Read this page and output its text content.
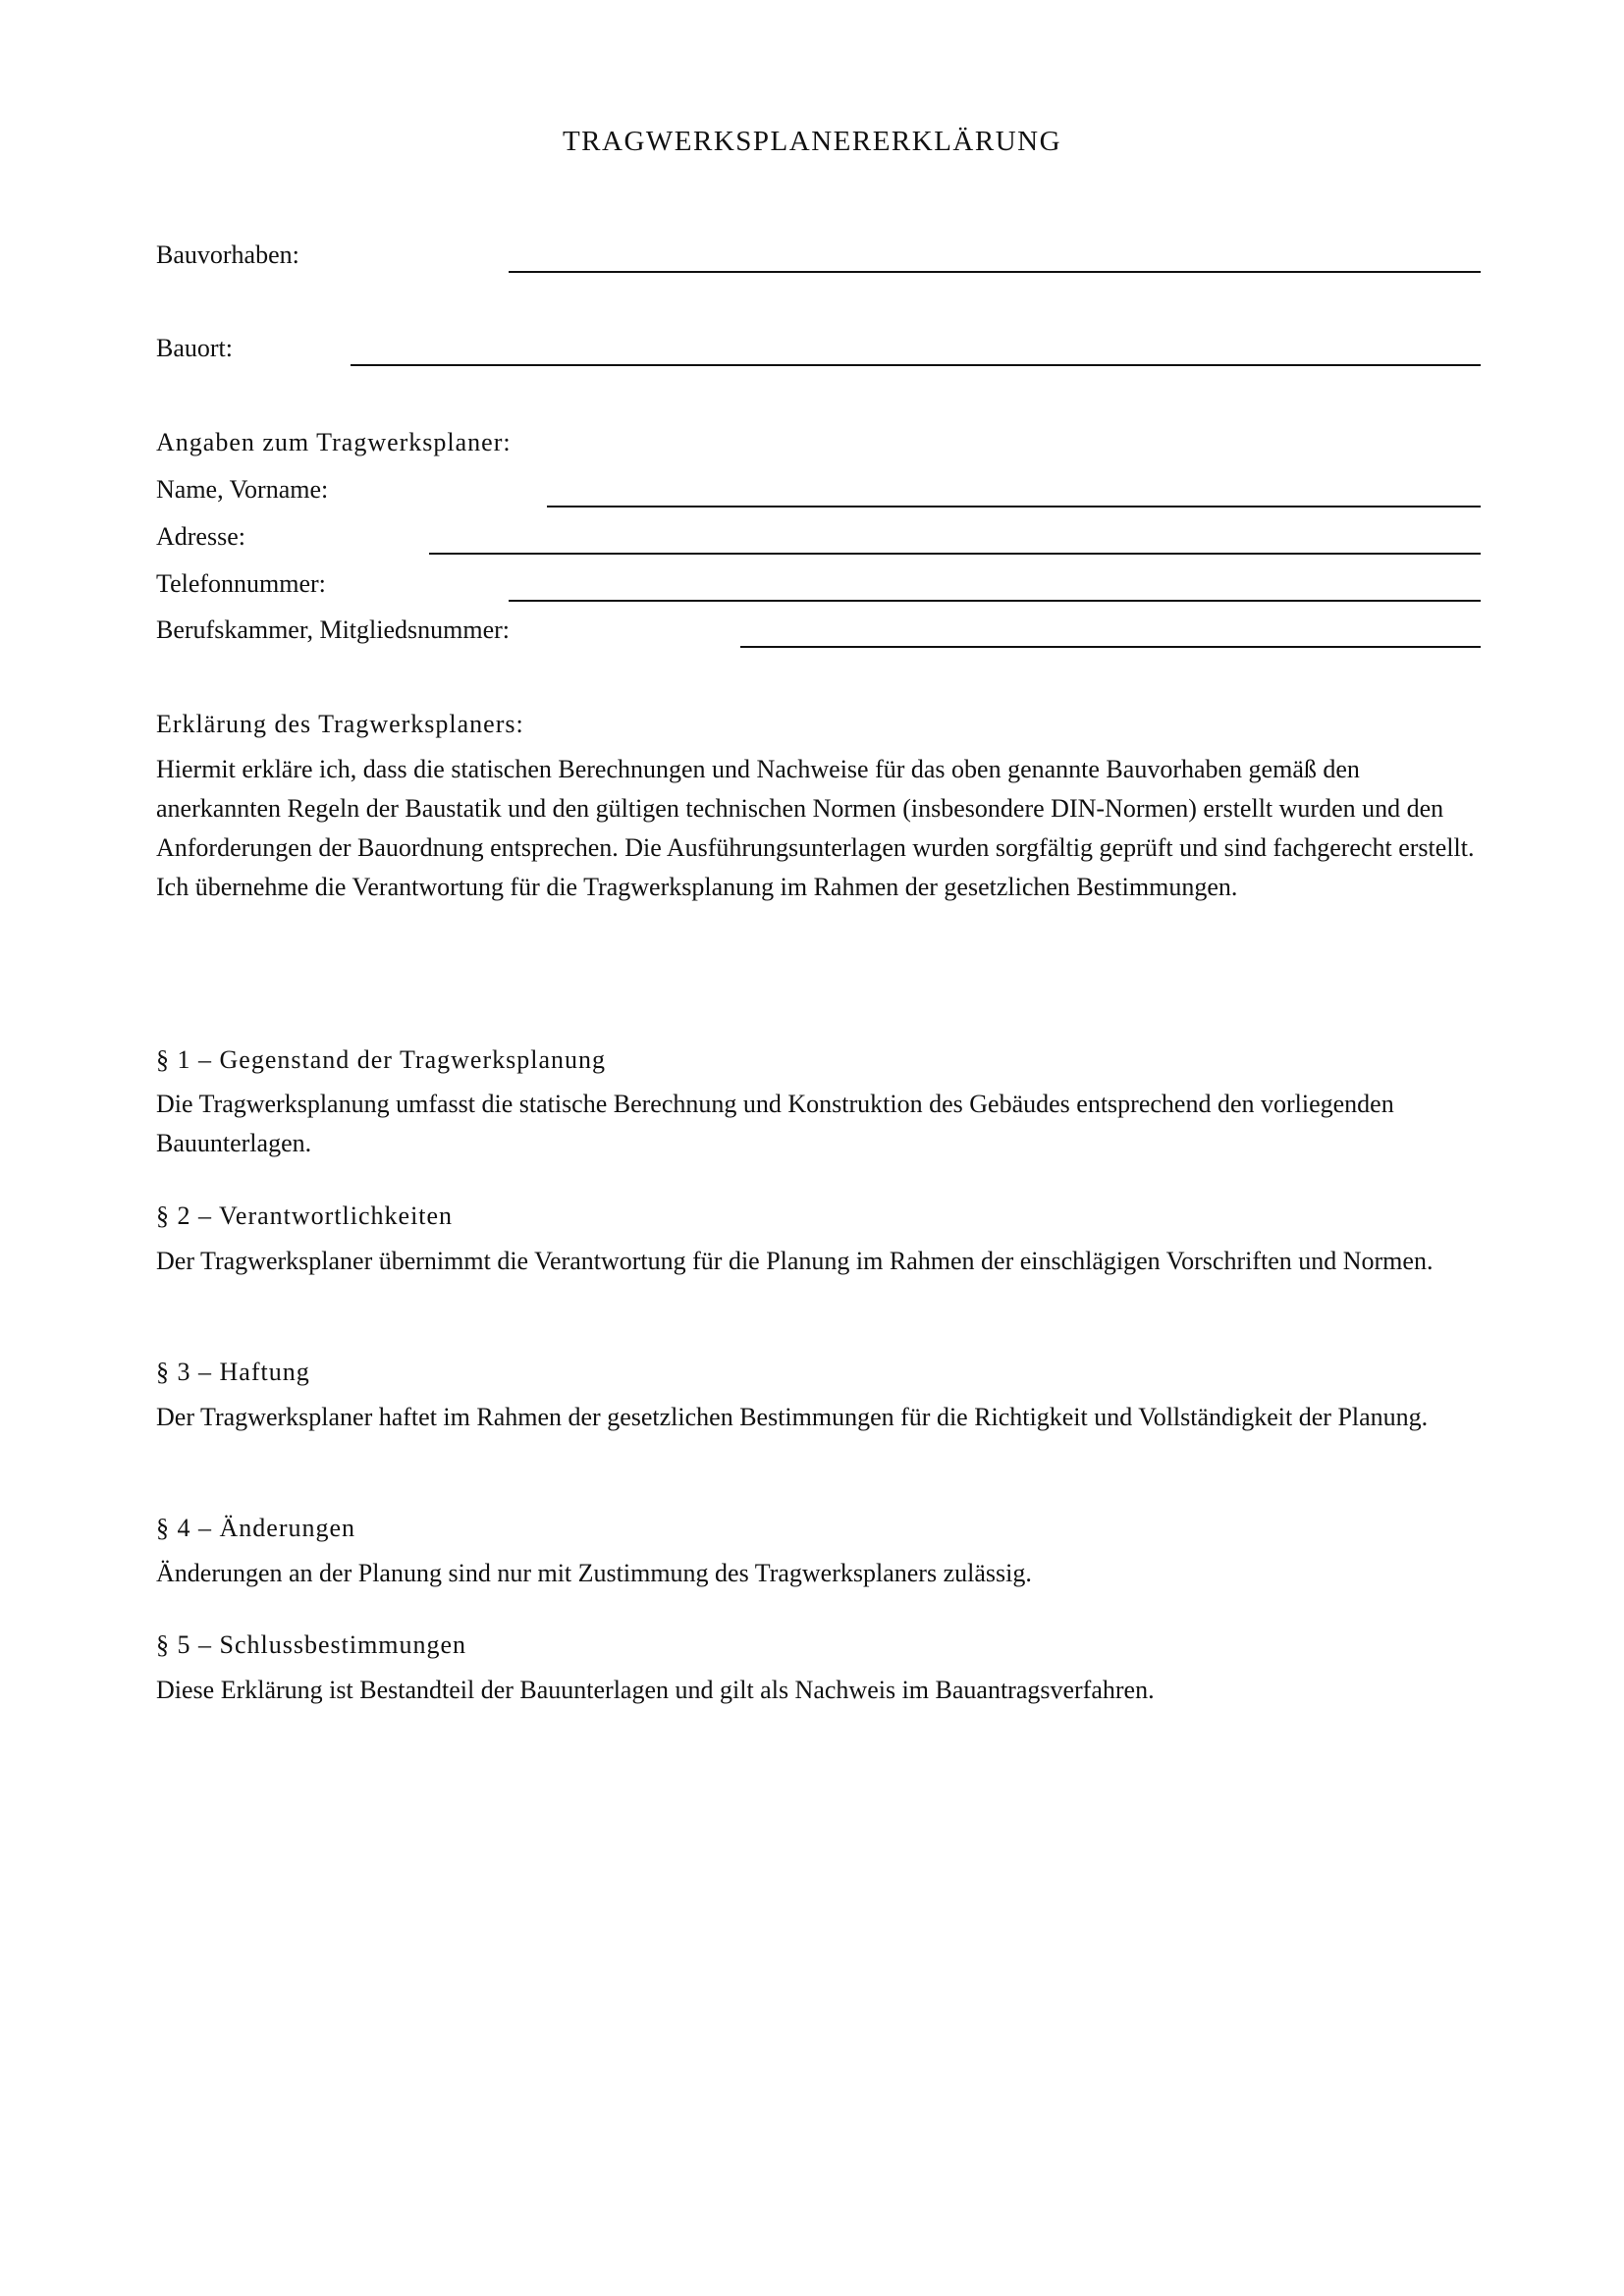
TRAGWERKSPLANERERKLÄRUNG
Bauvorhaben:
Bauort:
Angaben zum Tragwerksplaner:
Name, Vorname:
Adresse:
Telefonnummer:
Berufskammer, Mitgliedsnummer:
Erklärung des Tragwerksplaners:
Hiermit erkläre ich, dass die statischen Berechnungen und Nachweise für das oben genannte Bauvorhaben gemäß den anerkannten Regeln der Baustatik und den gültigen technischen Normen (insbesondere DIN-Normen) erstellt wurden und den Anforderungen der Bauordnung entsprechen. Die Ausführungsunterlagen wurden sorgfältig geprüft und sind fachgerecht erstellt. Ich übernehme die Verantwortung für die Tragwerksplanung im Rahmen der gesetzlichen Bestimmungen.
§ 1 – Gegenstand der Tragwerksplanung
Die Tragwerksplanung umfasst die statische Berechnung und Konstruktion des Gebäudes entsprechend den vorliegenden Bauunterlagen.
§ 2 – Verantwortlichkeiten
Der Tragwerksplaner übernimmt die Verantwortung für die Planung im Rahmen der einschlägigen Vorschriften und Normen.
§ 3 – Haftung
Der Tragwerksplaner haftet im Rahmen der gesetzlichen Bestimmungen für die Richtigkeit und Vollständigkeit der Planung.
§ 4 – Änderungen
Änderungen an der Planung sind nur mit Zustimmung des Tragwerksplaners zulässig.
§ 5 – Schlussbestimmungen
Diese Erklärung ist Bestandteil der Bauunterlagen und gilt als Nachweis im Bauantragsverfahren.
